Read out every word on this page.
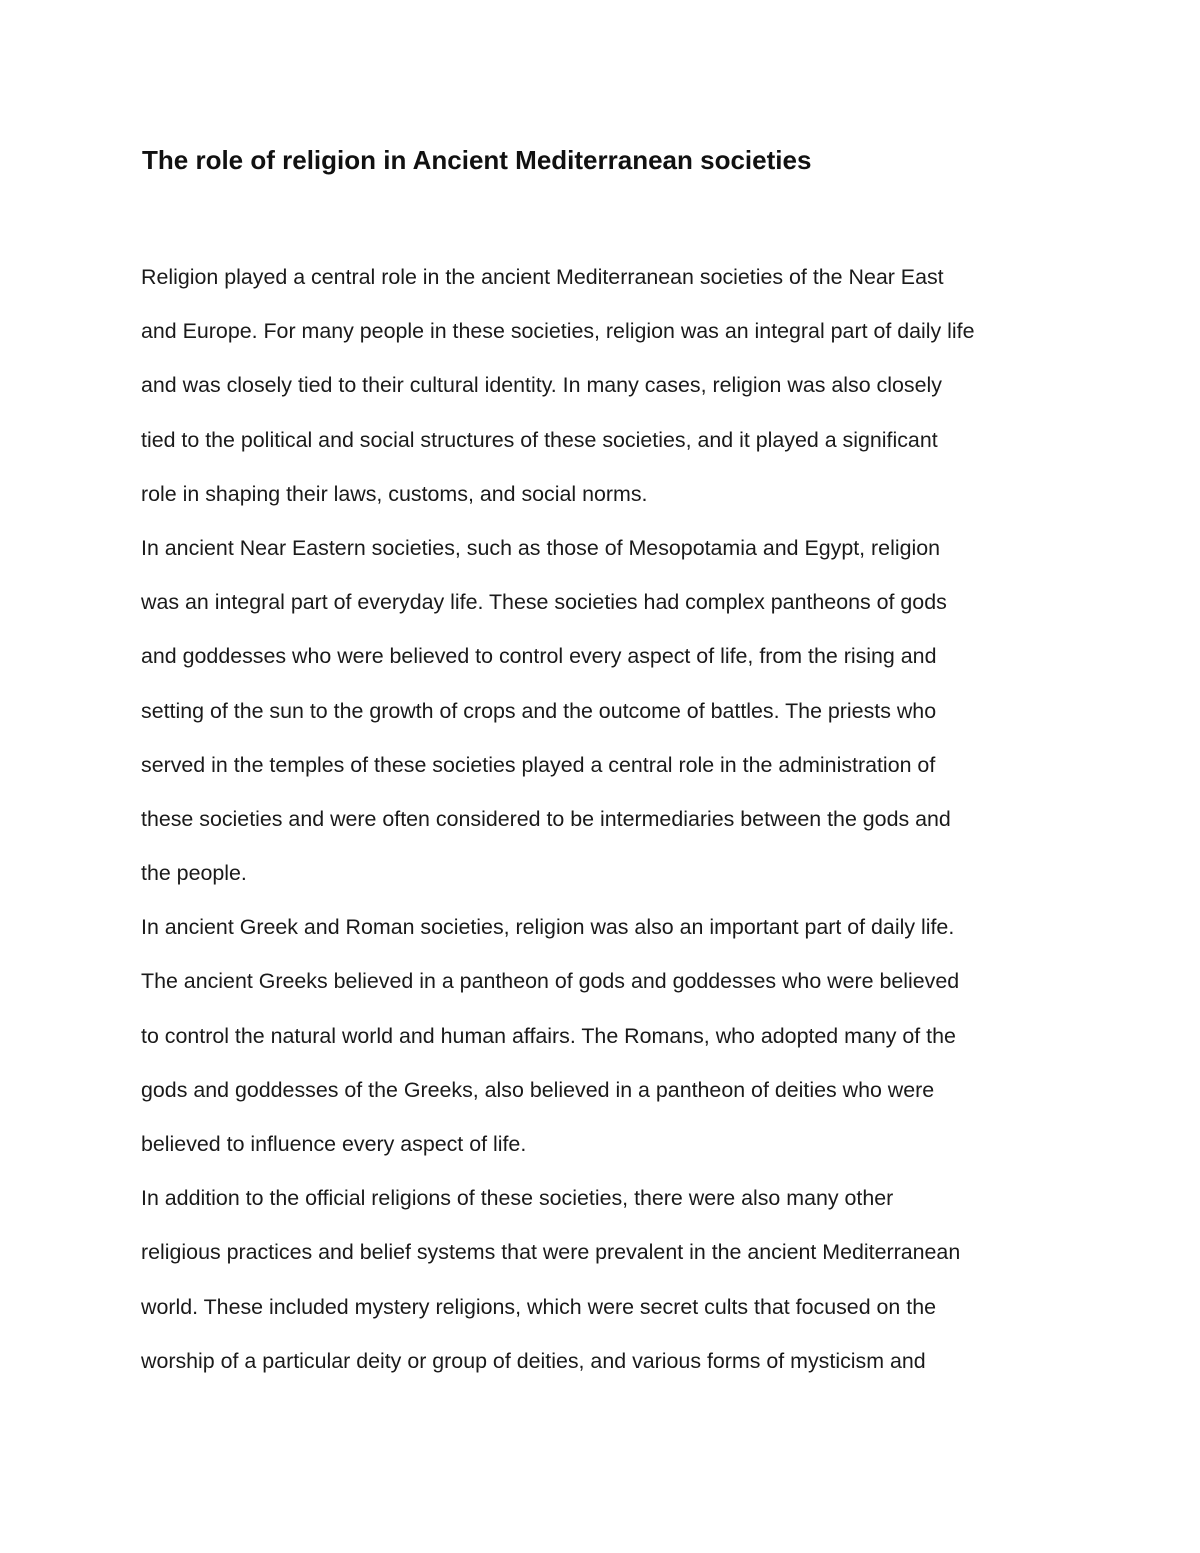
The role of religion in Ancient Mediterranean societies
Religion played a central role in the ancient Mediterranean societies of the Near East
and Europe. For many people in these societies, religion was an integral part of daily life
and was closely tied to their cultural identity. In many cases, religion was also closely
tied to the political and social structures of these societies, and it played a significant
role in shaping their laws, customs, and social norms.
In ancient Near Eastern societies, such as those of Mesopotamia and Egypt, religion
was an integral part of everyday life. These societies had complex pantheons of gods
and goddesses who were believed to control every aspect of life, from the rising and
setting of the sun to the growth of crops and the outcome of battles. The priests who
served in the temples of these societies played a central role in the administration of
these societies and were often considered to be intermediaries between the gods and
the people.
In ancient Greek and Roman societies, religion was also an important part of daily life.
The ancient Greeks believed in a pantheon of gods and goddesses who were believed
to control the natural world and human affairs. The Romans, who adopted many of the
gods and goddesses of the Greeks, also believed in a pantheon of deities who were
believed to influence every aspect of life.
In addition to the official religions of these societies, there were also many other
religious practices and belief systems that were prevalent in the ancient Mediterranean
world. These included mystery religions, which were secret cults that focused on the
worship of a particular deity or group of deities, and various forms of mysticism and
